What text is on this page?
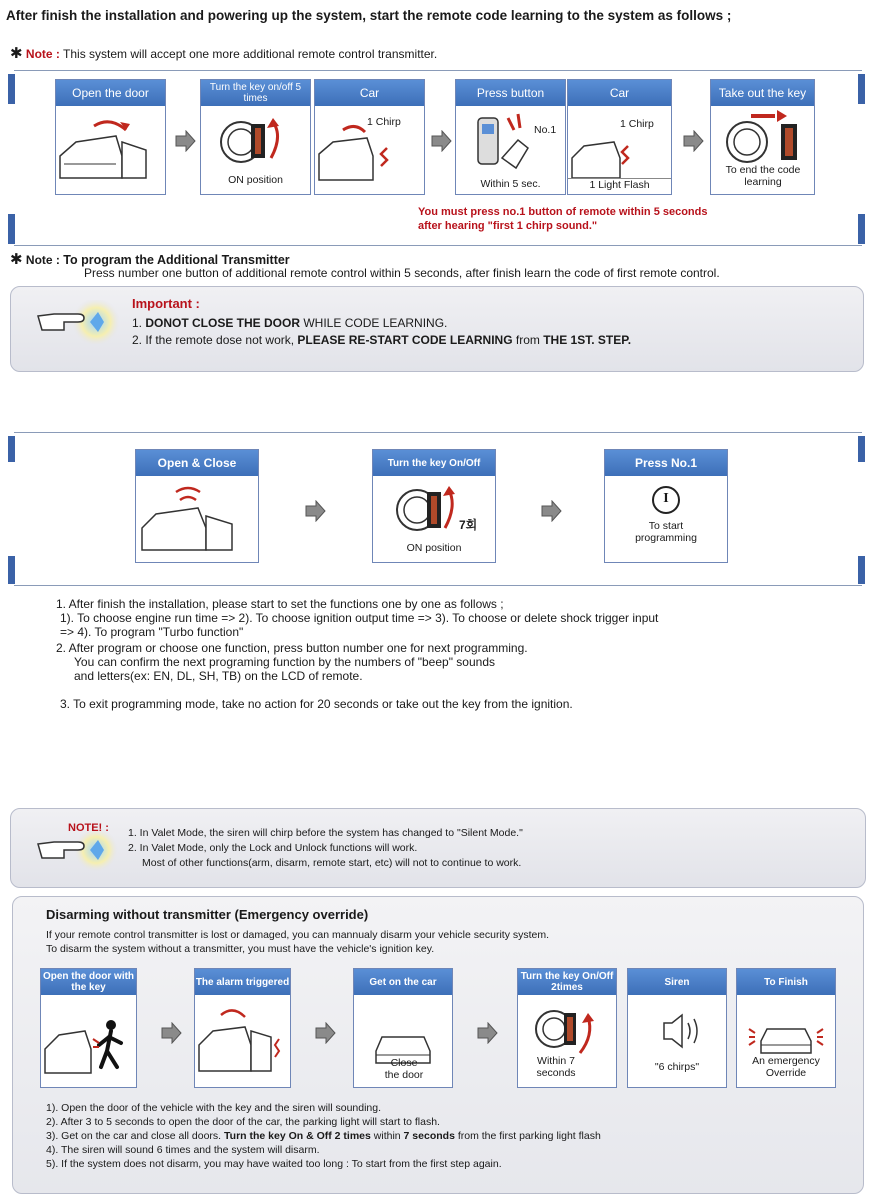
After finish the installation and powering up the system, start the remote code learning to the system as follows ;
✱ Note : This system will accept one more additional remote control transmitter.
Open the door	Turn the key on/off 5 times
ON position
Car
1 Chirp
Press button
No.1
Within 5 sec.
Car
1 Chirp
1 Light Flash
Take out the key
To end the code learning
You must press no.1 button of remote within 5 seconds
after hearing "first 1 chirp sound."
✱ Note : To program the Additional Transmitter
Press number one button of additional remote control within 5 seconds, after finish learn the code of first remote control.
Important :
1. DONOT CLOSE THE DOOR WHILE CODE LEARNING.
2. If the remote dose not work, PLEASE RE-START CODE LEARNING from THE 1ST. STEP.
Open & Close	Turn the key On/Off
7회
ON position
Press No.1
I
To start programming
1. After finish the installation, please start to set the functions one by one as follows ;
1). To choose engine run time => 2). To choose ignition output time => 3). To choose or delete shock trigger input
=> 4). To program "Turbo function"
2. After program or choose one function, press button number one for next programming.
You can confirm the next programing function by the numbers of "beep" sounds
and letters(ex: EN, DL, SH, TB) on the LCD of remote.
3. To exit programming mode, take no action for 20 seconds or take out the key from the ignition.
NOTE! : 1. In Valet Mode, the siren will chirp before the system has changed to "Silent Mode."
2. In Valet Mode, only the Lock and Unlock functions will work.
Most of other functions(arm, disarm, remote start, etc) will not to continue to work.
Disarming without transmitter (Emergency override)
If your remote control transmitter is lost or damaged, you can mannualy disarm your vehicle security system.
To disarm the system without a transmitter, you must have the vehicle's ignition key.
Open the door with the key	The alarm triggered	Get on the car
Close the door
Turn the key On/Off 2times
Within 7 seconds
Siren
"6 chirps"
To Finish
An emergency Override
1). Open the door of the vehicle with the key and the siren will sounding.
2). After 3 to 5 seconds to open the door of the car, the parking light will start to flash.
3). Get on the car and close all doors. Turn the key On & Off 2 times within 7 seconds from the first parking light flash
4). The siren will sound 6 times and the system will disarm.
5). If the system does not disarm, you may have waited too long : To start from the first step again.
